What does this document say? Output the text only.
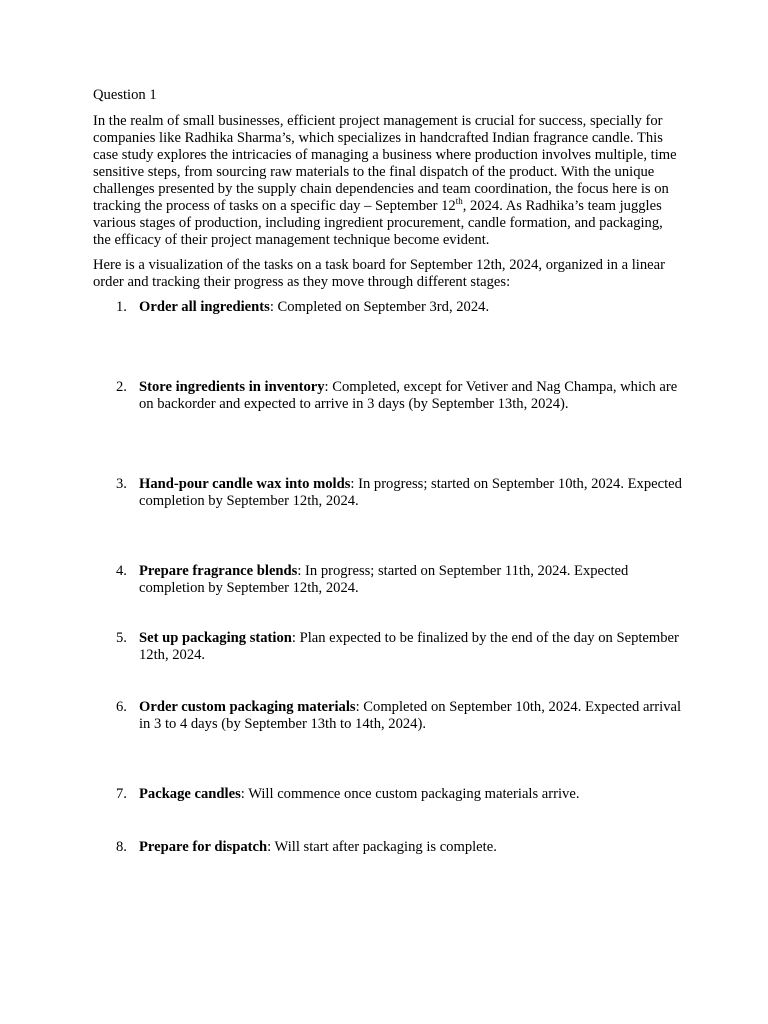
Question 1

In the realm of small businesses, efficient project management is crucial for success, specially for companies like Radhika Sharma’s, which specializes in handcrafted Indian fragrance candle. This case study explores the intricacies of managing a business where production involves multiple, time sensitive steps, from sourcing raw materials to the final dispatch of the product. With the unique challenges presented by the supply chain dependencies and team coordination, the focus here is on tracking the process of tasks on a specific day – September 12th, 2024. As Radhika’s team juggles various stages of production, including ingredient procurement, candle formation, and packaging, the efficacy of their project management technique become evident.

Here is a visualization of the tasks on a task board for September 12th, 2024, organized in a linear order and tracking their progress as they move through different stages:

1. Order all ingredients: Completed on September 3rd, 2024.
2. Store ingredients in inventory: Completed, except for Vetiver and Nag Champa, which are on backorder and expected to arrive in 3 days (by September 13th, 2024).
3. Hand-pour candle wax into molds: In progress; started on September 10th, 2024. Expected completion by September 12th, 2024.
4. Prepare fragrance blends: In progress; started on September 11th, 2024. Expected completion by September 12th, 2024.
5. Set up packaging station: Plan expected to be finalized by the end of the day on September 12th, 2024.
6. Order custom packaging materials: Completed on September 10th, 2024. Expected arrival in 3 to 4 days (by September 13th to 14th, 2024).
7. Package candles: Will commence once custom packaging materials arrive.
8. Prepare for dispatch: Will start after packaging is complete.
